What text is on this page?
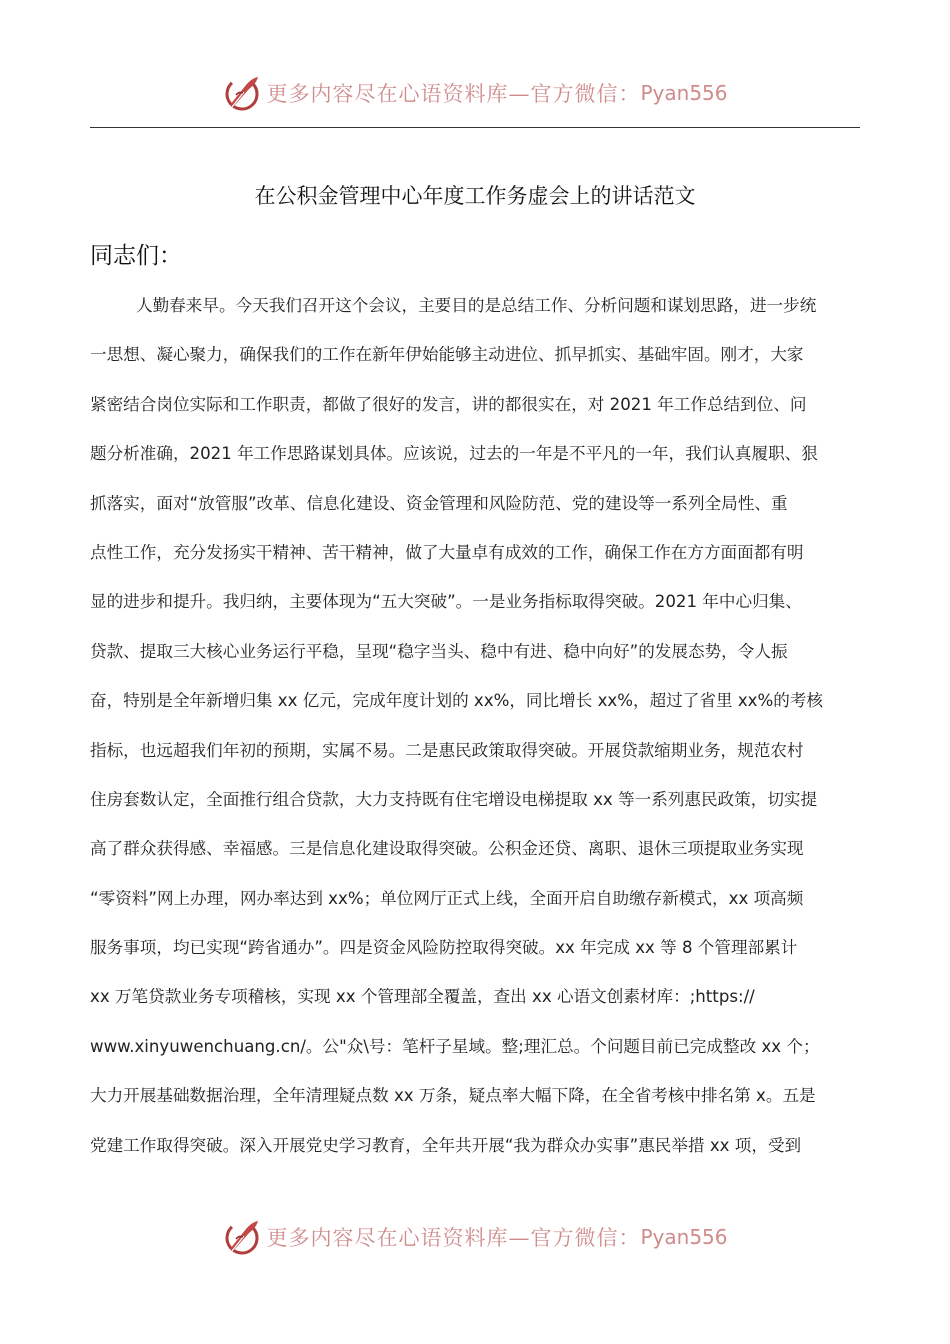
更多内容尽在心语资料库—官方微信： Pyan556
在公积金管理中心年度工作务虚会上的讲话范文
同志们：
人勤春来早。今天我们召开这个会议，主要目的是总结工作、分析问题和谋划思路，进一步统
一思想、凝心聚力，确保我们的工作在新年伊始能够主动进位、抓早抓实、基础牢固。刚才，大家
紧密结合岗位实际和工作职责，都做了很好的发言，讲的都很实在，对 2021 年工作总结到位、问
题分析准确，2021 年工作思路谋划具体。应该说，过去的一年是不平凡的一年，我们认真履职、狠
抓落实，面对“放管服”改革、信息化建设、资金管理和风险防范、党的建设等一系列全局性、重
点性工作，充分发扬实干精神、苦干精神，做了大量卓有成效的工作，确保工作在方方面面都有明
显的进步和提升。我归纳，主要体现为“五大突破”。一是业务指标取得突破。2021 年中心归集、
贷款、提取三大核心业务运行平稳，呈现“稳字当头、稳中有进、稳中向好”的发展态势，令人振
奋，特别是全年新增归集 xx 亿元，完成年度计划的 xx%，同比增长 xx%，超过了省里 xx%的考核
指标，也远超我们年初的预期，实属不易。二是惠民政策取得突破。开展贷款缩期业务，规范农村
住房套数认定，全面推行组合贷款，大力支持既有住宅增设电梯提取 xx 等一系列惠民政策，切实提
高了群众获得感、幸福感。三是信息化建设取得突破。公积金还贷、离职、退休三项提取业务实现
“零资料”网上办理，网办率达到 xx%；单位网厅正式上线，全面开启自助缴存新模式，xx 项高频
服务事项，均已实现“跨省通办”。四是资金风险防控取得突破。xx 年完成 xx 等 8 个管理部累计
xx 万笔贷款业务专项稽核，实现 xx 个管理部全覆盖，查出 xx 心语文创素材库：;https://
www.xinyuwenchuang.cn/。公"众\号：笔杆子星域。整;理汇总。个问题目前已完成整改 xx 个；
大力开展基础数据治理，全年清理疑点数 xx 万条，疑点率大幅下降，在全省考核中排名第 x。五是
党建工作取得突破。深入开展党史学习教育，全年共开展“我为群众办实事”惠民举措 xx 项，受到
更多内容尽在心语资料库—官方微信： Pyan556
